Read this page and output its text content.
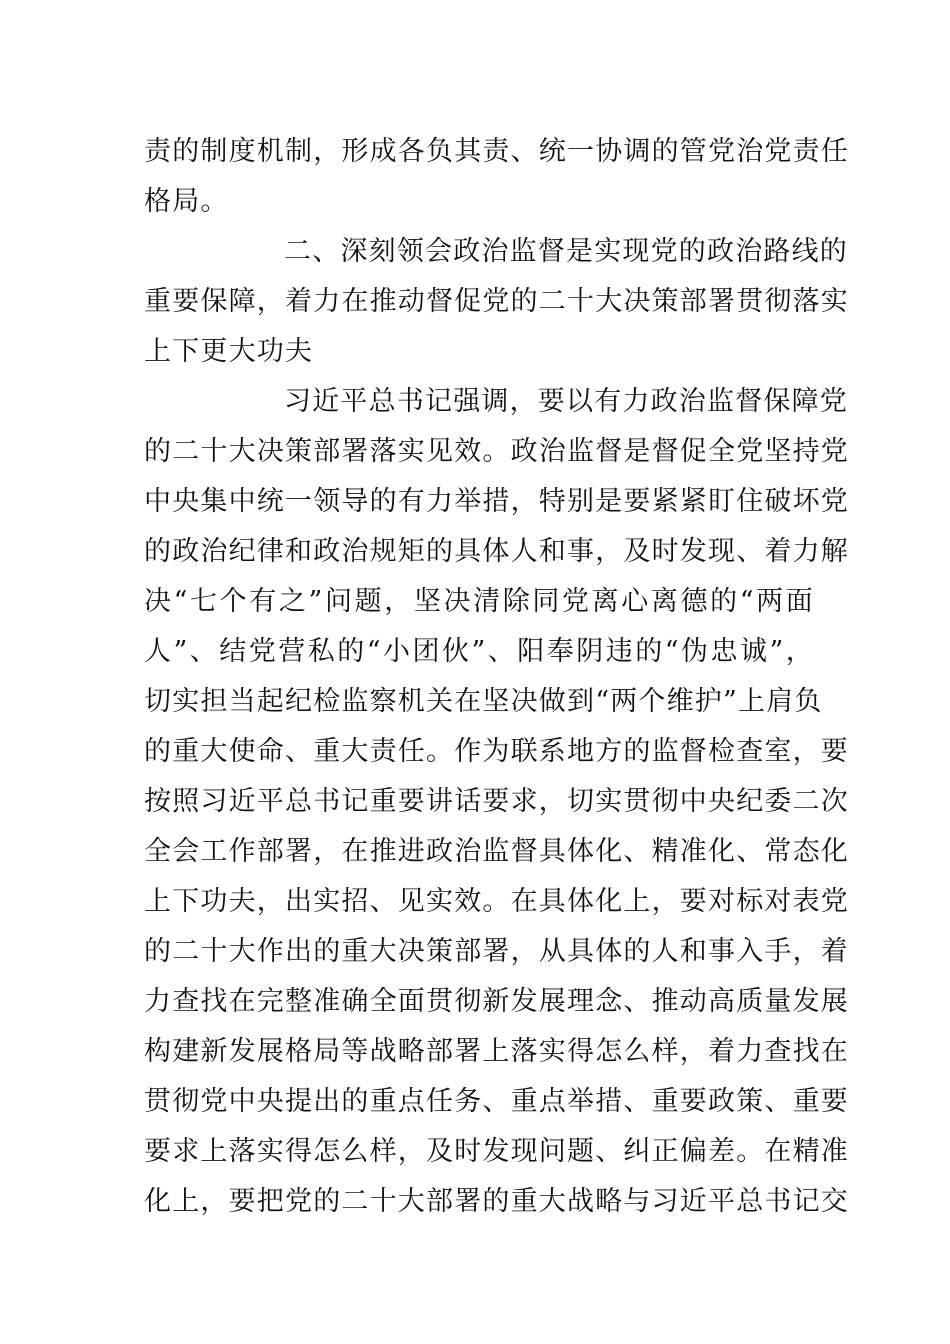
责的制度机制，形成各负其责、统一协调的管党治党责任
格局。
二、深刻领会政治监督是实现党的政治路线的
重要保障，着力在推动督促党的二十大决策部署贯彻落实
上下更大功夫
习近平总书记强调，要以有力政治监督保障党
的二十大决策部署落实见效。政治监督是督促全党坚持党
中央集中统一领导的有力举措，特别是要紧紧盯住破坏党
的政治纪律和政治规矩的具体人和事，及时发现、着力解
决“七个有之”问题，坚决清除同党离心离德的“两面
人”、结党营私的“小团伙”、阳奉阴违的“伪忠诚”，
切实担当起纪检监察机关在坚决做到“两个维护”上肩负
的重大使命、重大责任。作为联系地方的监督检查室，要
按照习近平总书记重要讲话要求，切实贯彻中央纪委二次
全会工作部署，在推进政治监督具体化、精准化、常态化
上下功夫，出实招、见实效。在具体化上，要对标对表党
的二十大作出的重大决策部署，从具体的人和事入手，着
力查找在完整准确全面贯彻新发展理念、推动高质量发展
构建新发展格局等战略部署上落实得怎么样，着力查找在
贯彻党中央提出的重点任务、重点举措、重要政策、重要
要求上落实得怎么样，及时发现问题、纠正偏差。在精准
化上，要把党的二十大部署的重大战略与习近平总书记交
